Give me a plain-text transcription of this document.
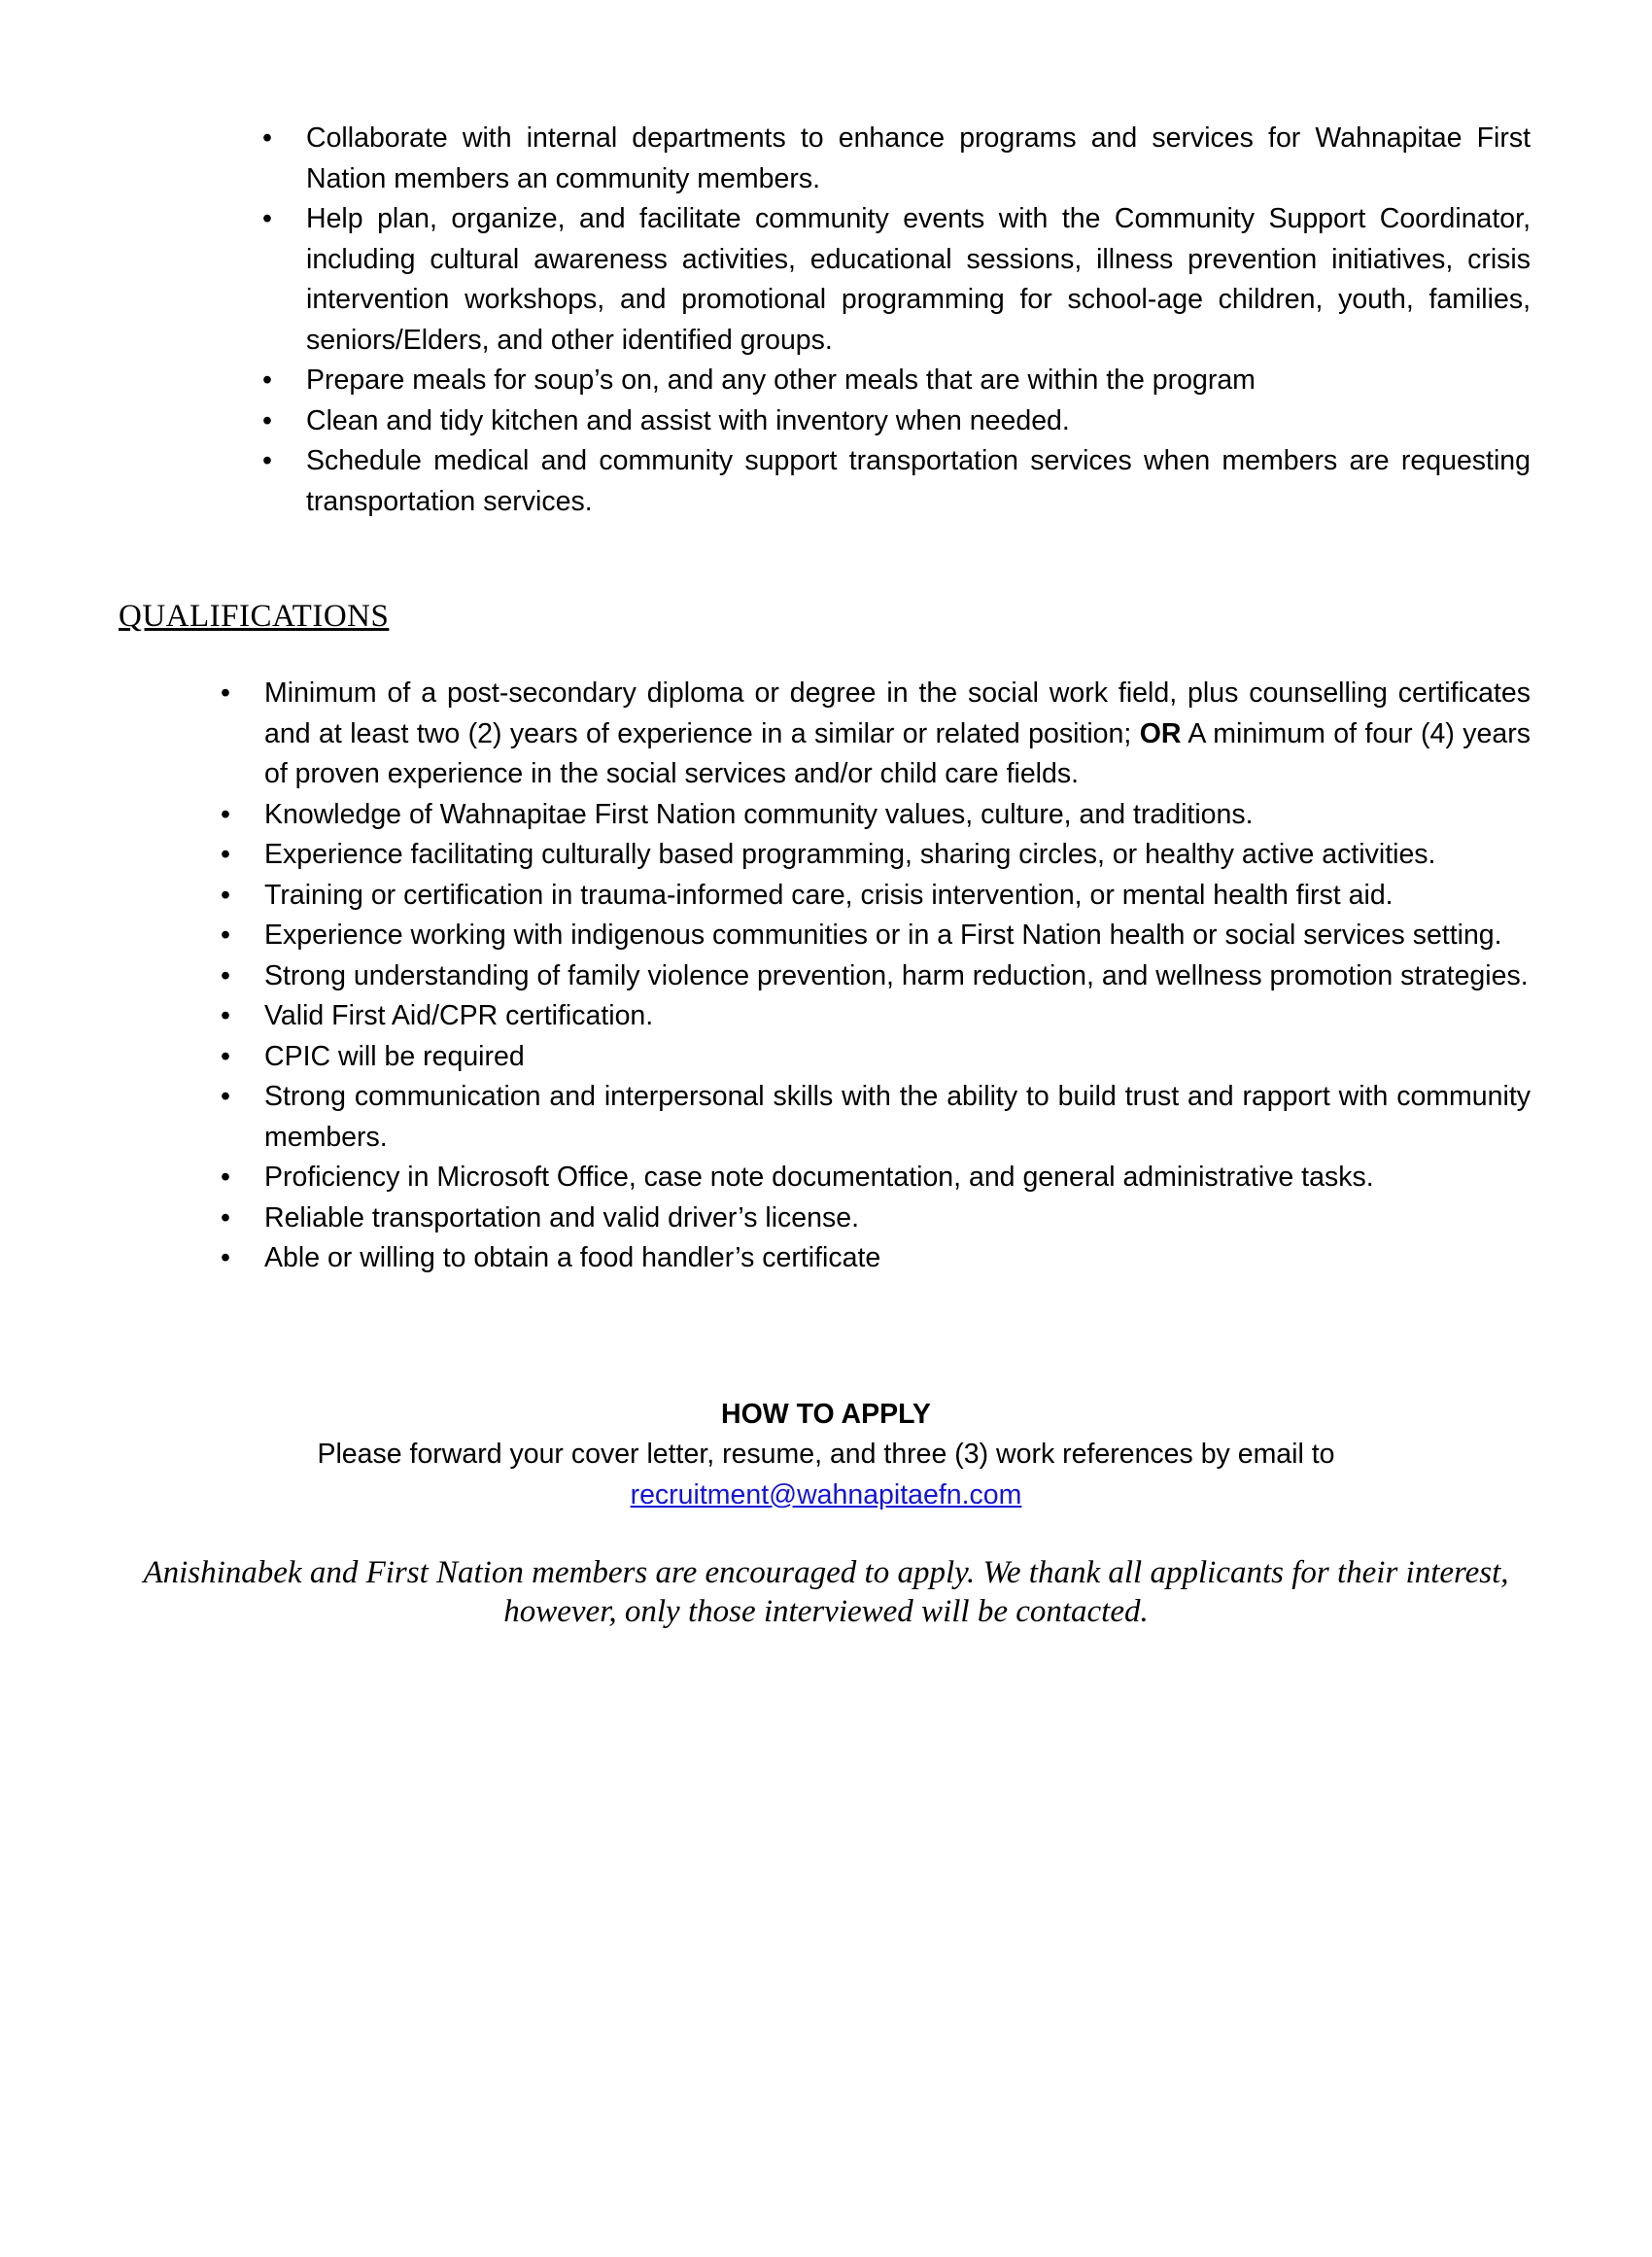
• Collaborate with internal departments to enhance programs and services for Wahnapitae First Nation members an community members.
• Help plan, organize, and facilitate community events with the Community Support Coordinator, including cultural awareness activities, educational sessions, illness prevention initiatives, crisis intervention workshops, and promotional programming for school-age children, youth, families, seniors/Elders, and other identified groups.
• Prepare meals for soup’s on, and any other meals that are within the program
• Clean and tidy kitchen and assist with inventory when needed.
• Schedule medical and community support transportation services when members are requesting transportation services.
QUALIFICATIONS
• Minimum of a post-secondary diploma or degree in the social work field, plus counselling certificates and at least two (2) years of experience in a similar or related position; OR A minimum of four (4) years of proven experience in the social services and/or child care fields.
• Knowledge of Wahnapitae First Nation community values, culture, and traditions.
• Experience facilitating culturally based programming, sharing circles, or healthy active activities.
• Training or certification in trauma-informed care, crisis intervention, or mental health first aid.
• Experience working with indigenous communities or in a First Nation health or social services setting.
• Strong understanding of family violence prevention, harm reduction, and wellness promotion strategies.
• Valid First Aid/CPR certification.
• CPIC will be required
• Strong communication and interpersonal skills with the ability to build trust and rapport with community members.
• Proficiency in Microsoft Office, case note documentation, and general administrative tasks.
• Reliable transportation and valid driver’s license.
• Able or willing to obtain a food handler’s certificate
HOW TO APPLY

Please forward your cover letter, resume, and three (3) work references by email to

recruitment@wahnapitaefn.com

Anishinabek and First Nation members are encouraged to apply. We thank all applicants for their interest,

however, only those interviewed will be contacted.
